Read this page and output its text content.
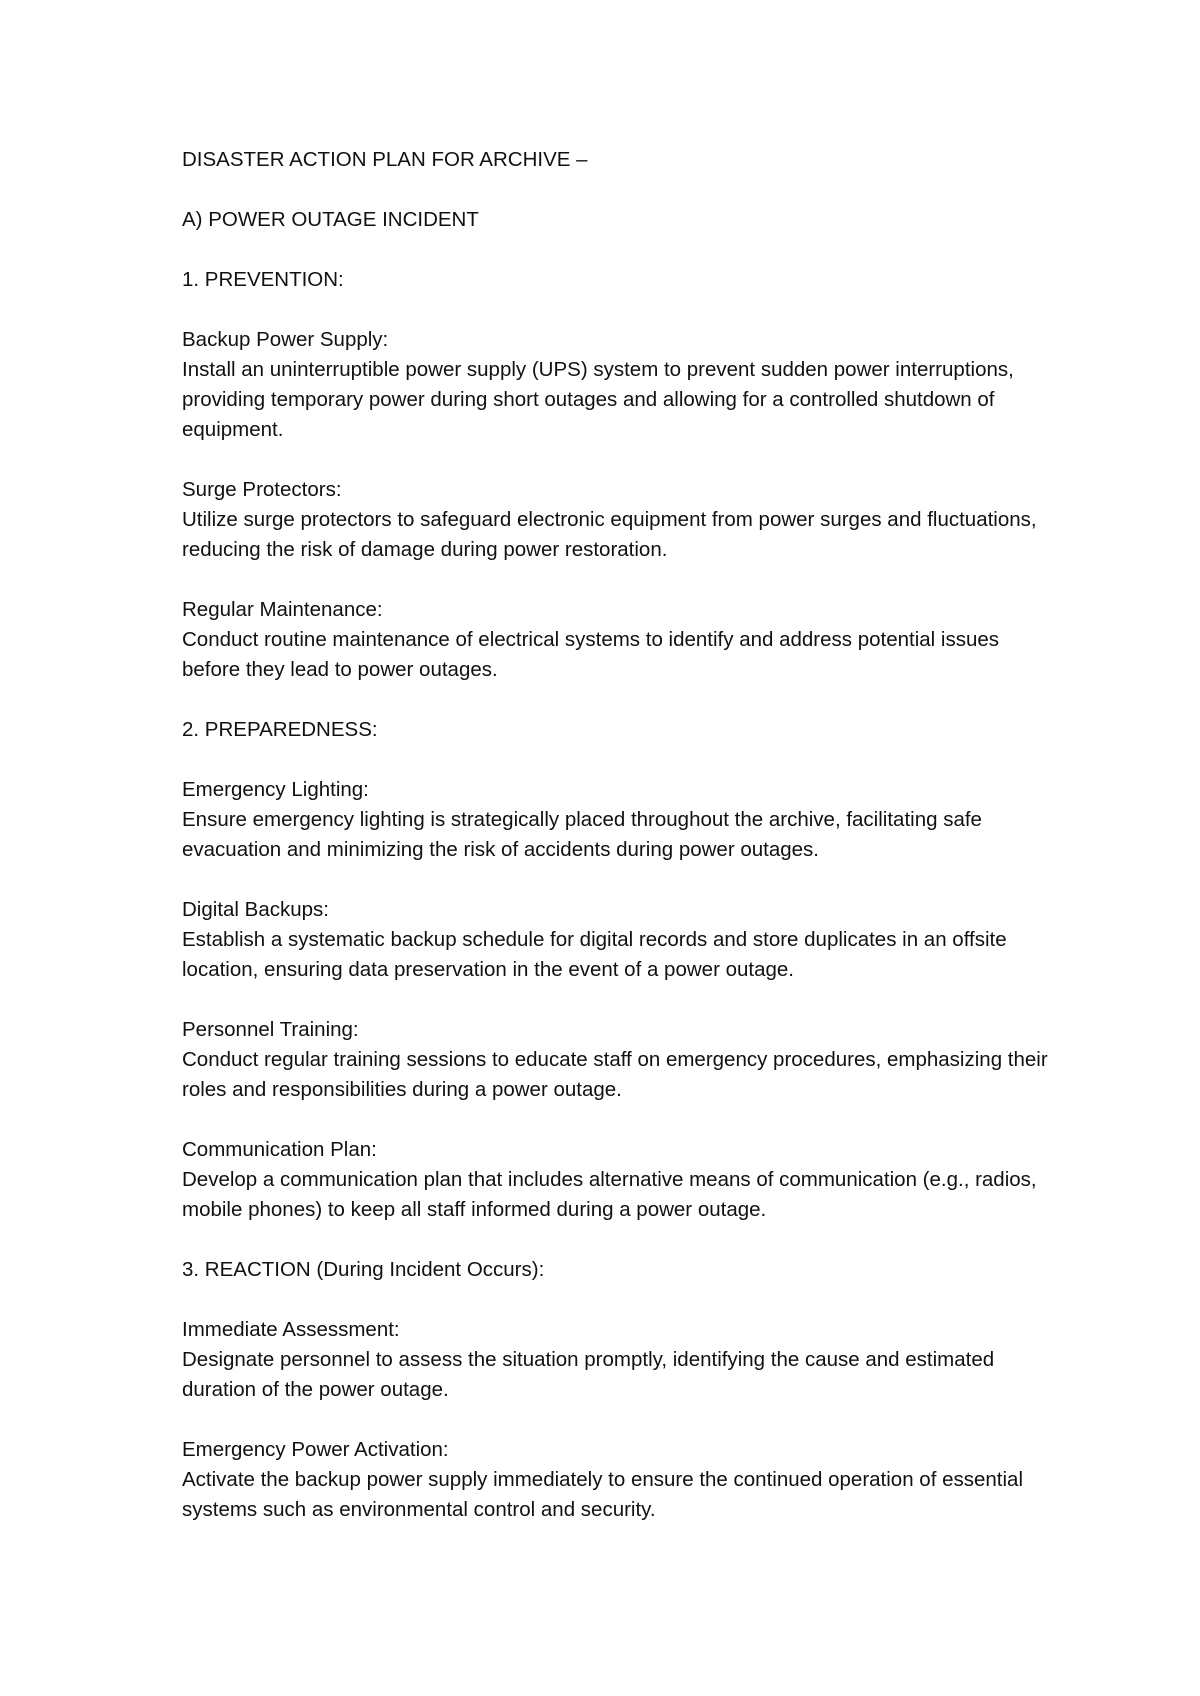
DISASTER ACTION PLAN FOR ARCHIVE –

A) POWER OUTAGE INCIDENT

1. PREVENTION:

Backup Power Supply:

Install an uninterruptible power supply (UPS) system to prevent sudden power interruptions, providing temporary power during short outages and allowing for a controlled shutdown of equipment.

Surge Protectors:

Utilize surge protectors to safeguard electronic equipment from power surges and fluctuations, reducing the risk of damage during power restoration.

Regular Maintenance:

Conduct routine maintenance of electrical systems to identify and address potential issues before they lead to power outages.

2. PREPAREDNESS:

Emergency Lighting:

Ensure emergency lighting is strategically placed throughout the archive, facilitating safe evacuation and minimizing the risk of accidents during power outages.

Digital Backups:

Establish a systematic backup schedule for digital records and store duplicates in an offsite location, ensuring data preservation in the event of a power outage.

Personnel Training:

Conduct regular training sessions to educate staff on emergency procedures, emphasizing their roles and responsibilities during a power outage.

Communication Plan:

Develop a communication plan that includes alternative means of communication (e.g., radios, mobile phones) to keep all staff informed during a power outage.

3. REACTION (During Incident Occurs):

Immediate Assessment:

Designate personnel to assess the situation promptly, identifying the cause and estimated duration of the power outage.

Emergency Power Activation:

Activate the backup power supply immediately to ensure the continued operation of essential systems such as environmental control and security.
